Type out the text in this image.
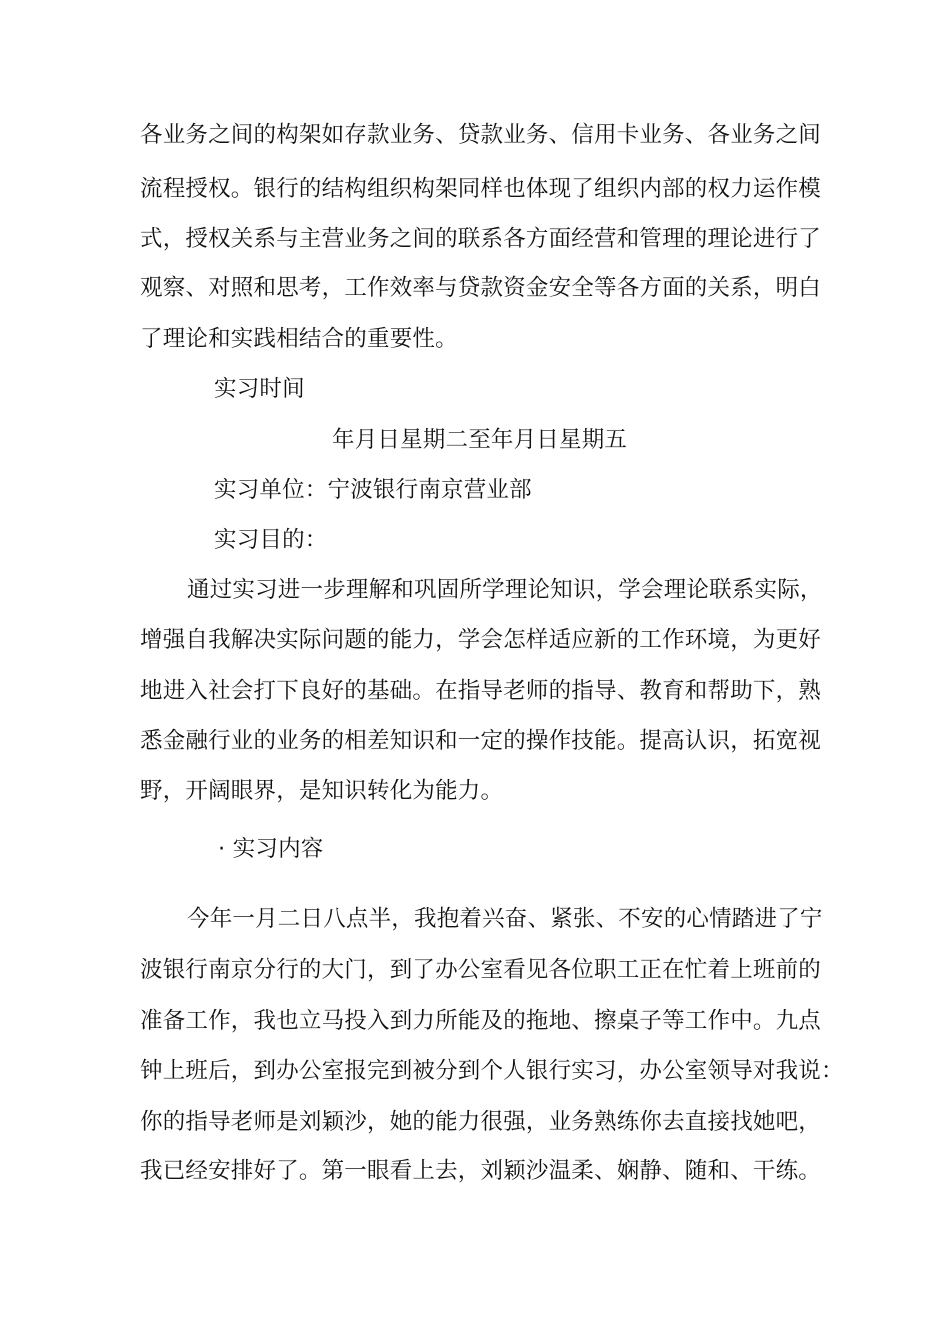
各业务之间的构架如存款业务、贷款业务、信用卡业务、各业务之间
流程授权。银行的结构组织构架同样也体现了组织内部的权力运作模
式，授权关系与主营业务之间的联系各方面经营和管理的理论进行了
观察、对照和思考，工作效率与贷款资金安全等各方面的关系，明白
了理论和实践相结合的重要性。
实习时间
年月日星期二至年月日星期五
实习单位：宁波银行南京营业部
实习目的：
通过实习进一步理解和巩固所学理论知识，学会理论联系实际，
增强自我解决实际问题的能力，学会怎样适应新的工作环境，为更好
地进入社会打下良好的基础。在指导老师的指导、教育和帮助下，熟
悉金融行业的业务的相差知识和一定的操作技能。提高认识，拓宽视
野，开阔眼界，是知识转化为能力。
· 实习内容
今年一月二日八点半，我抱着兴奋、紧张、不安的心情踏进了宁
波银行南京分行的大门，到了办公室看见各位职工正在忙着上班前的
准备工作，我也立马投入到力所能及的拖地、擦桌子等工作中。九点
钟上班后，到办公室报完到被分到个人银行实习，办公室领导对我说：
你的指导老师是刘颖沙，她的能力很强，业务熟练你去直接找她吧，
我已经安排好了。第一眼看上去，刘颖沙温柔、娴静、随和、干练。
